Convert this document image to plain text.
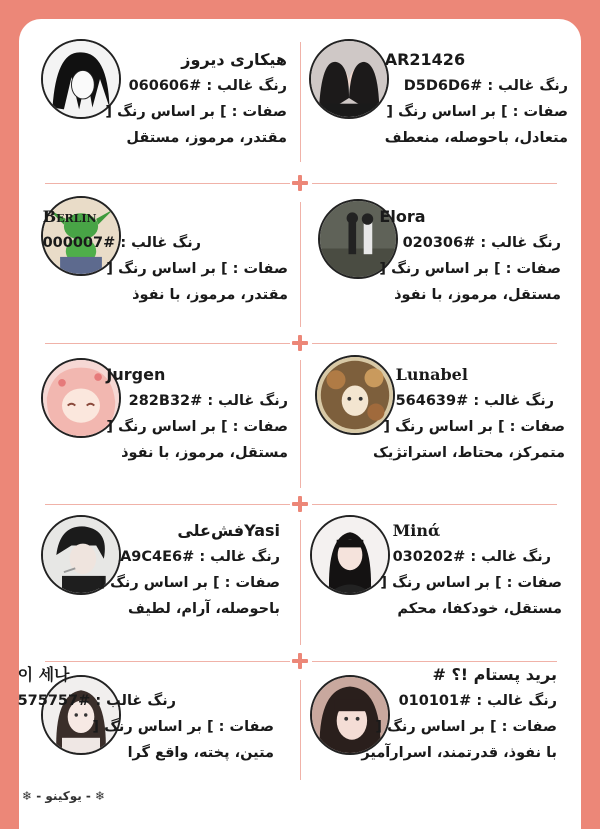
AR21426
رنگ غالب : #D5D6D6
صفات : ] بر اساس رنگ [
متعادل، باحوصله، منعطف
هیکاری دیروز
رنگ غالب : #060606
صفات : ] بر اساس رنگ [
مقتدر، مرموز، مستقل
Elora
رنگ غالب : #020306
صفات : ] بر اساس رنگ [
مستقل، مرموز، با نفوذ
Berlin
رنگ غالب : #000007
صفات : ] بر اساس رنگ [
مقتدر، مرموز، با نفوذ
Lunabel
رنگ غالب : #564639
صفات : ] بر اساس رنگ [
متمرکز، محتاط، استراتژیک
Jurgen
رنگ غالب : #282B32
صفات : ] بر اساس رنگ [
مستقل، مرموز، با نفوذ
Minά
رنگ غالب : #030202
صفات : ] بر اساس رنگ [
مستقل، خودکفا، محکم
Yasiفش‌علی
رنگ غالب : #A9C4E6
صفات : ] بر اساس رنگ [
باحوصله، آرام، لطیف
برید پستام !؟ #
رنگ غالب : #010101
صفات : ] بر اساس رنگ [
با نفوذ، قدرتمند، اسرارآمیز
이 세나
رنگ غالب : #575757
صفات : ] بر اساس رنگ [
متین، پخته، واقع گرا
❄ - یوکینو - ❄
